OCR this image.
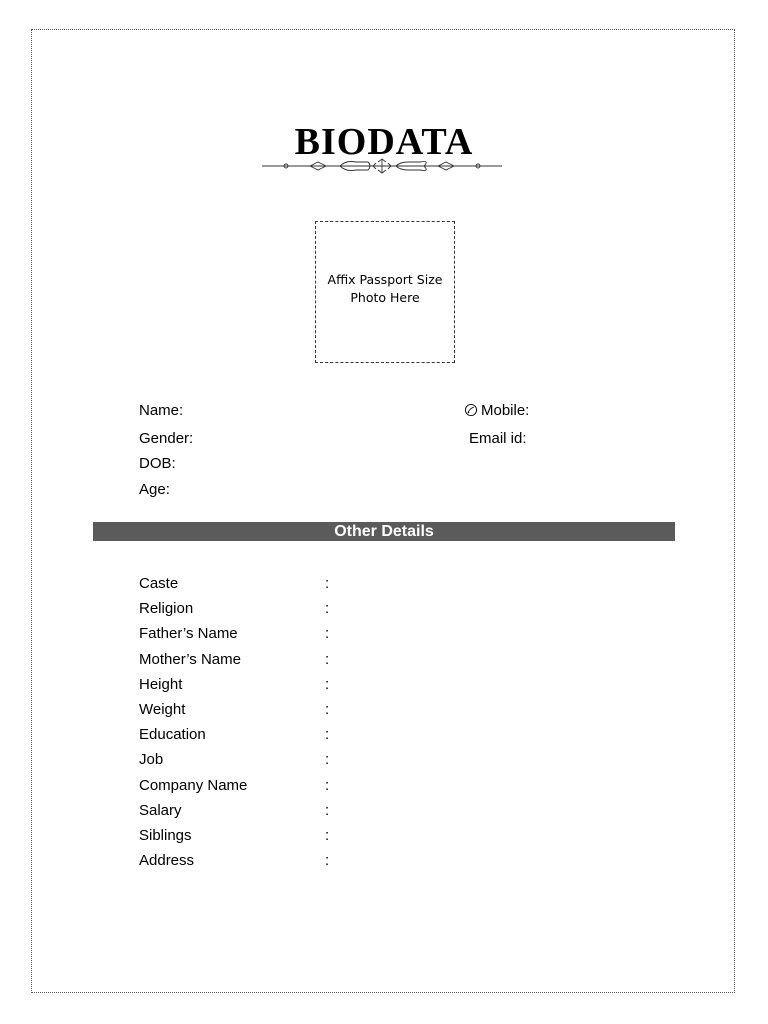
BIODATA
Affix Passport Size Photo Here
Name:
Gender:
DOB:
Age:
Mobile:
Email id:
Other Details
Caste	:
Religion	:
Father’s Name	:
Mother’s Name	:
Height	:
Weight	:
Education	:
Job	:
Company Name	:
Salary	:
Siblings	:
Address	:
